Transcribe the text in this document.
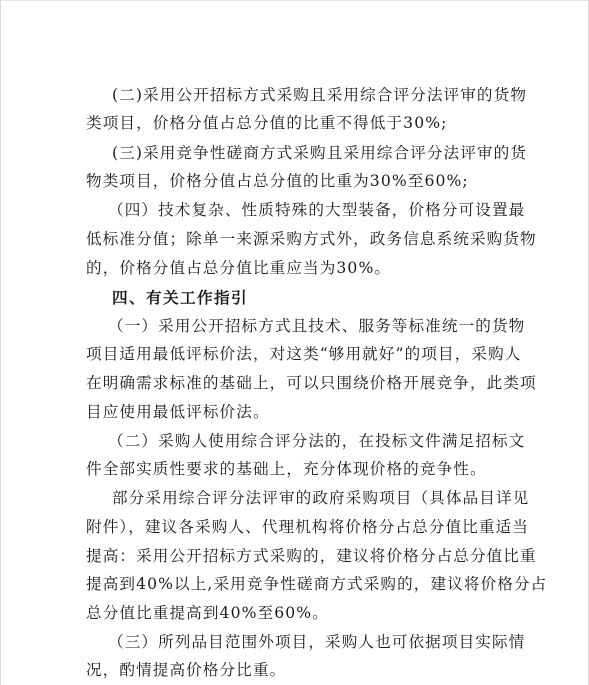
(二)采用公开招标方式采购且采用综合评分法评审的货物
类项目，价格分值占总分值的比重不得低于30%;
(三)采用竞争性磋商方式采购且采用综合评分法评审的货
物类项目，价格分值占总分值的比重为30%至60%;
（四）技术复杂、性质特殊的大型装备，价格分可设置最
低标准分值；除单一来源采购方式外，政务信息系统采购货物
的，价格分值占总分值比重应当为30%。
四、有关工作指引
（一）采用公开招标方式且技术、服务等标准统一的货物
项目适用最低评标价法，对这类“够用就好”的项目，采购人
在明确需求标准的基础上，可以只围绕价格开展竞争，此类项
目应使用最低评标价法。
（二）采购人使用综合评分法的，在投标文件满足招标文
件全部实质性要求的基础上，充分体现价格的竞争性。
部分采用综合评分法评审的政府采购项目（具体品目详见
附件），建议各采购人、代理机构将价格分占总分值比重适当
提高：采用公开招标方式采购的，建议将价格分占总分值比重
提高到40%以上,采用竞争性磋商方式采购的，建议将价格分占
总分值比重提高到40%至60%。
（三）所列品目范围外项目，采购人也可依据项目实际情
况，酌情提高价格分比重。
